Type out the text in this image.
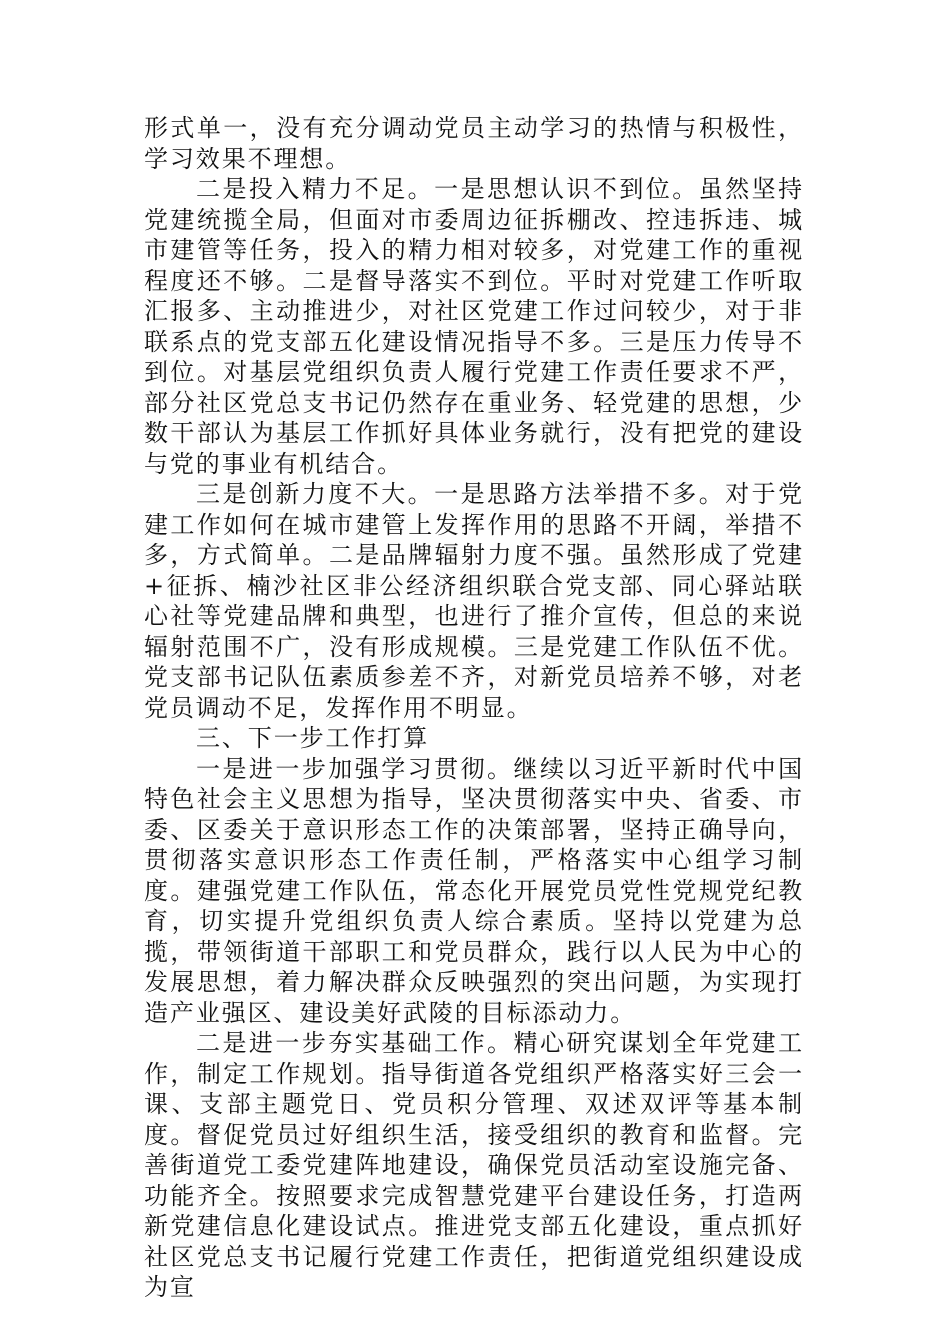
形式单一，没有充分调动党员主动学习的热情与积极性，学习效果不理想。

二是投入精力不足。一是思想认识不到位。虽然坚持党建统揽全局，但面对市委周边征拆棚改、控违拆违、城市建管等任务，投入的精力相对较多，对党建工作的重视程度还不够。二是督导落实不到位。平时对党建工作听取汇报多、主动推进少，对社区党建工作过问较少，对于非联系点的党支部五化建设情况指导不多。三是压力传导不到位。对基层党组织负责人履行党建工作责任要求不严，部分社区党总支书记仍然存在重业务、轻党建的思想，少数干部认为基层工作抓好具体业务就行，没有把党的建设与党的事业有机结合。

三是创新力度不大。一是思路方法举措不多。对于党建工作如何在城市建管上发挥作用的思路不开阔，举措不多，方式简单。二是品牌辐射力度不强。虽然形成了党建+征拆、楠沙社区非公经济组织联合党支部、同心驿站联心社等党建品牌和典型，也进行了推介宣传，但总的来说辐射范围不广，没有形成规模。三是党建工作队伍不优。党支部书记队伍素质参差不齐，对新党员培养不够，对老党员调动不足，发挥作用不明显。

三、下一步工作打算

一是进一步加强学习贯彻。继续以习近平新时代中国特色社会主义思想为指导，坚决贯彻落实中央、省委、市委、区委关于意识形态工作的决策部署，坚持正确导向，贯彻落实意识形态工作责任制，严格落实中心组学习制度。建强党建工作队伍，常态化开展党员党性党规党纪教育，切实提升党组织负责人综合素质。坚持以党建为总揽，带领街道干部职工和党员群众，践行以人民为中心的发展思想，着力解决群众反映强烈的突出问题，为实现打造产业强区、建设美好武陵的目标添动力。

二是进一步夯实基础工作。精心研究谋划全年党建工作，制定工作规划。指导街道各党组织严格落实好三会一课、支部主题党日、党员积分管理、双述双评等基本制度。督促党员过好组织生活，接受组织的教育和监督。完善街道党工委党建阵地建设，确保党员活动室设施完备、功能齐全。按照要求完成智慧党建平台建设任务，打造两新党建信息化建设试点。推进党支部五化建设，重点抓好社区党总支书记履行党建工作责任，把街道党组织建设成为宣
